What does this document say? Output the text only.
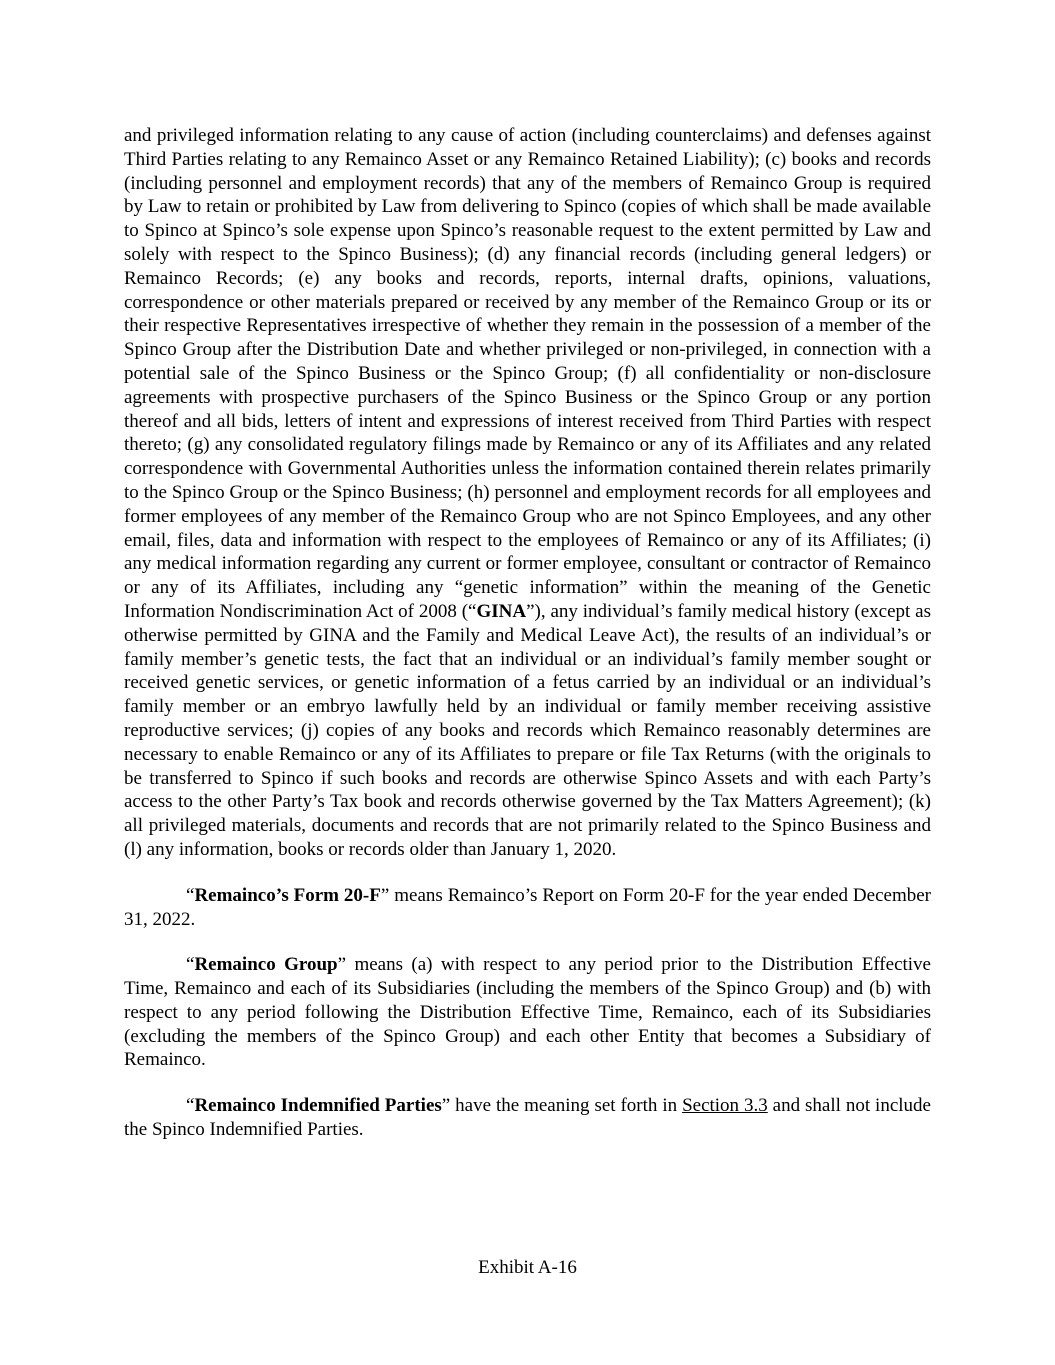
and privileged information relating to any cause of action (including counterclaims) and defenses against Third Parties relating to any Remainco Asset or any Remainco Retained Liability); (c) books and records (including personnel and employment records) that any of the members of Remainco Group is required by Law to retain or prohibited by Law from delivering to Spinco (copies of which shall be made available to Spinco at Spinco’s sole expense upon Spinco’s reasonable request to the extent permitted by Law and solely with respect to the Spinco Business); (d) any financial records (including general ledgers) or Remainco Records; (e) any books and records, reports, internal drafts, opinions, valuations, correspondence or other materials prepared or received by any member of the Remainco Group or its or their respective Representatives irrespective of whether they remain in the possession of a member of the Spinco Group after the Distribution Date and whether privileged or non-privileged, in connection with a potential sale of the Spinco Business or the Spinco Group; (f) all confidentiality or non-disclosure agreements with prospective purchasers of the Spinco Business or the Spinco Group or any portion thereof and all bids, letters of intent and expressions of interest received from Third Parties with respect thereto; (g) any consolidated regulatory filings made by Remainco or any of its Affiliates and any related correspondence with Governmental Authorities unless the information contained therein relates primarily to the Spinco Group or the Spinco Business; (h) personnel and employment records for all employees and former employees of any member of the Remainco Group who are not Spinco Employees, and any other email, files, data and information with respect to the employees of Remainco or any of its Affiliates; (i) any medical information regarding any current or former employee, consultant or contractor of Remainco or any of its Affiliates, including any “genetic information” within the meaning of the Genetic Information Nondiscrimination Act of 2008 (“GINA”), any individual’s family medical history (except as otherwise permitted by GINA and the Family and Medical Leave Act), the results of an individual’s or family member’s genetic tests, the fact that an individual or an individual’s family member sought or received genetic services, or genetic information of a fetus carried by an individual or an individual’s family member or an embryo lawfully held by an individual or family member receiving assistive reproductive services; (j) copies of any books and records which Remainco reasonably determines are necessary to enable Remainco or any of its Affiliates to prepare or file Tax Returns (with the originals to be transferred to Spinco if such books and records are otherwise Spinco Assets and with each Party’s access to the other Party’s Tax book and records otherwise governed by the Tax Matters Agreement); (k) all privileged materials, documents and records that are not primarily related to the Spinco Business and (l) any information, books or records older than January 1, 2020.

“Remainco’s Form 20-F” means Remainco’s Report on Form 20-F for the year ended December 31, 2022.

“Remainco Group” means (a) with respect to any period prior to the Distribution Effective Time, Remainco and each of its Subsidiaries (including the members of the Spinco Group) and (b) with respect to any period following the Distribution Effective Time, Remainco, each of its Subsidiaries (excluding the members of the Spinco Group) and each other Entity that becomes a Subsidiary of Remainco.

“Remainco Indemnified Parties” have the meaning set forth in Section 3.3 and shall not include the Spinco Indemnified Parties.

Exhibit A-16
